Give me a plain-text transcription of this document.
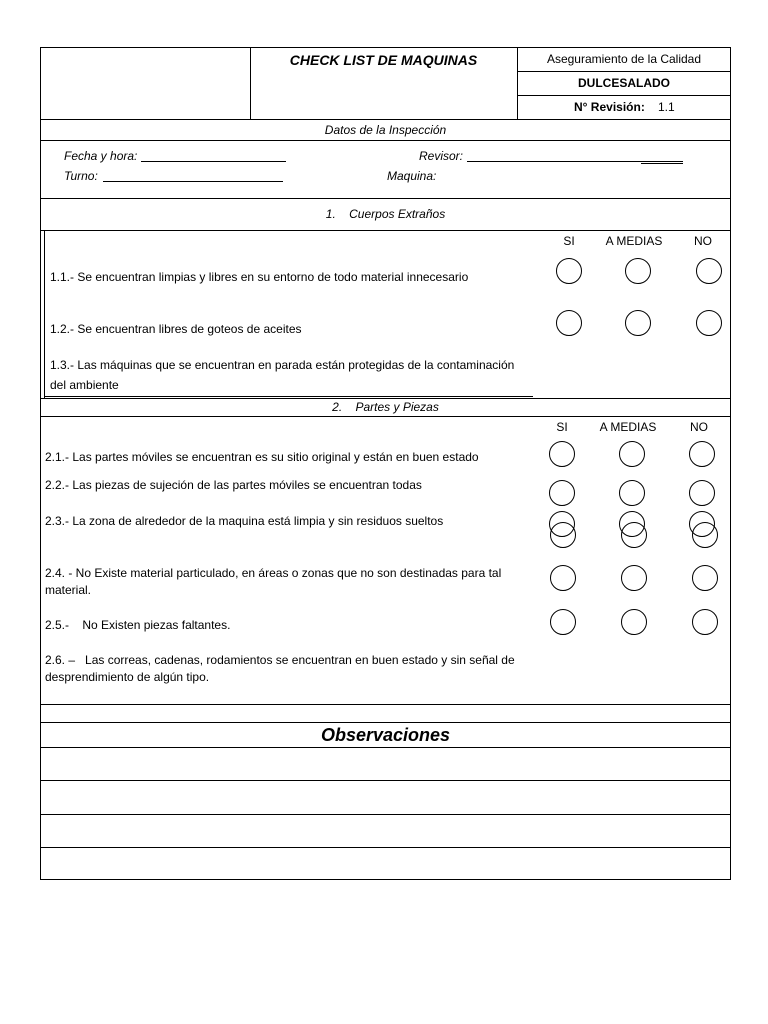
CHECK LIST DE MAQUINAS	Aseguramiento de la Calidad
DULCESALADO
N° Revisión: 1.1
Datos de la Inspección
Fecha y hora:	Revisor:
Turno:	Maquina:
1.    Cuerpos Extraños
SI	A MEDIAS	NO
1.1.- Se encuentran limpias y libres en su entorno de todo material innecesario
1.2.- Se encuentran libres de goteos de aceites
1.3.- Las máquinas que se encuentran en parada están protegidas de la contaminación
del ambiente
2.    Partes y Piezas
SI	A MEDIAS	NO
2.1.- Las partes móviles se encuentran es su sitio original y están en buen estado
2.2.- Las piezas de sujeción de las partes móviles se encuentran todas
2.3.- La zona de alrededor de la maquina está limpia y sin residuos sueltos
2.4. - No Existe material particulado, en áreas o zonas que no son destinadas para tal
material.
2.5.-    No Existen piezas faltantes.
2.6. –   Las correas, cadenas, rodamientos se encuentran en buen estado y sin señal de
desprendimiento de algún tipo.
Observaciones
